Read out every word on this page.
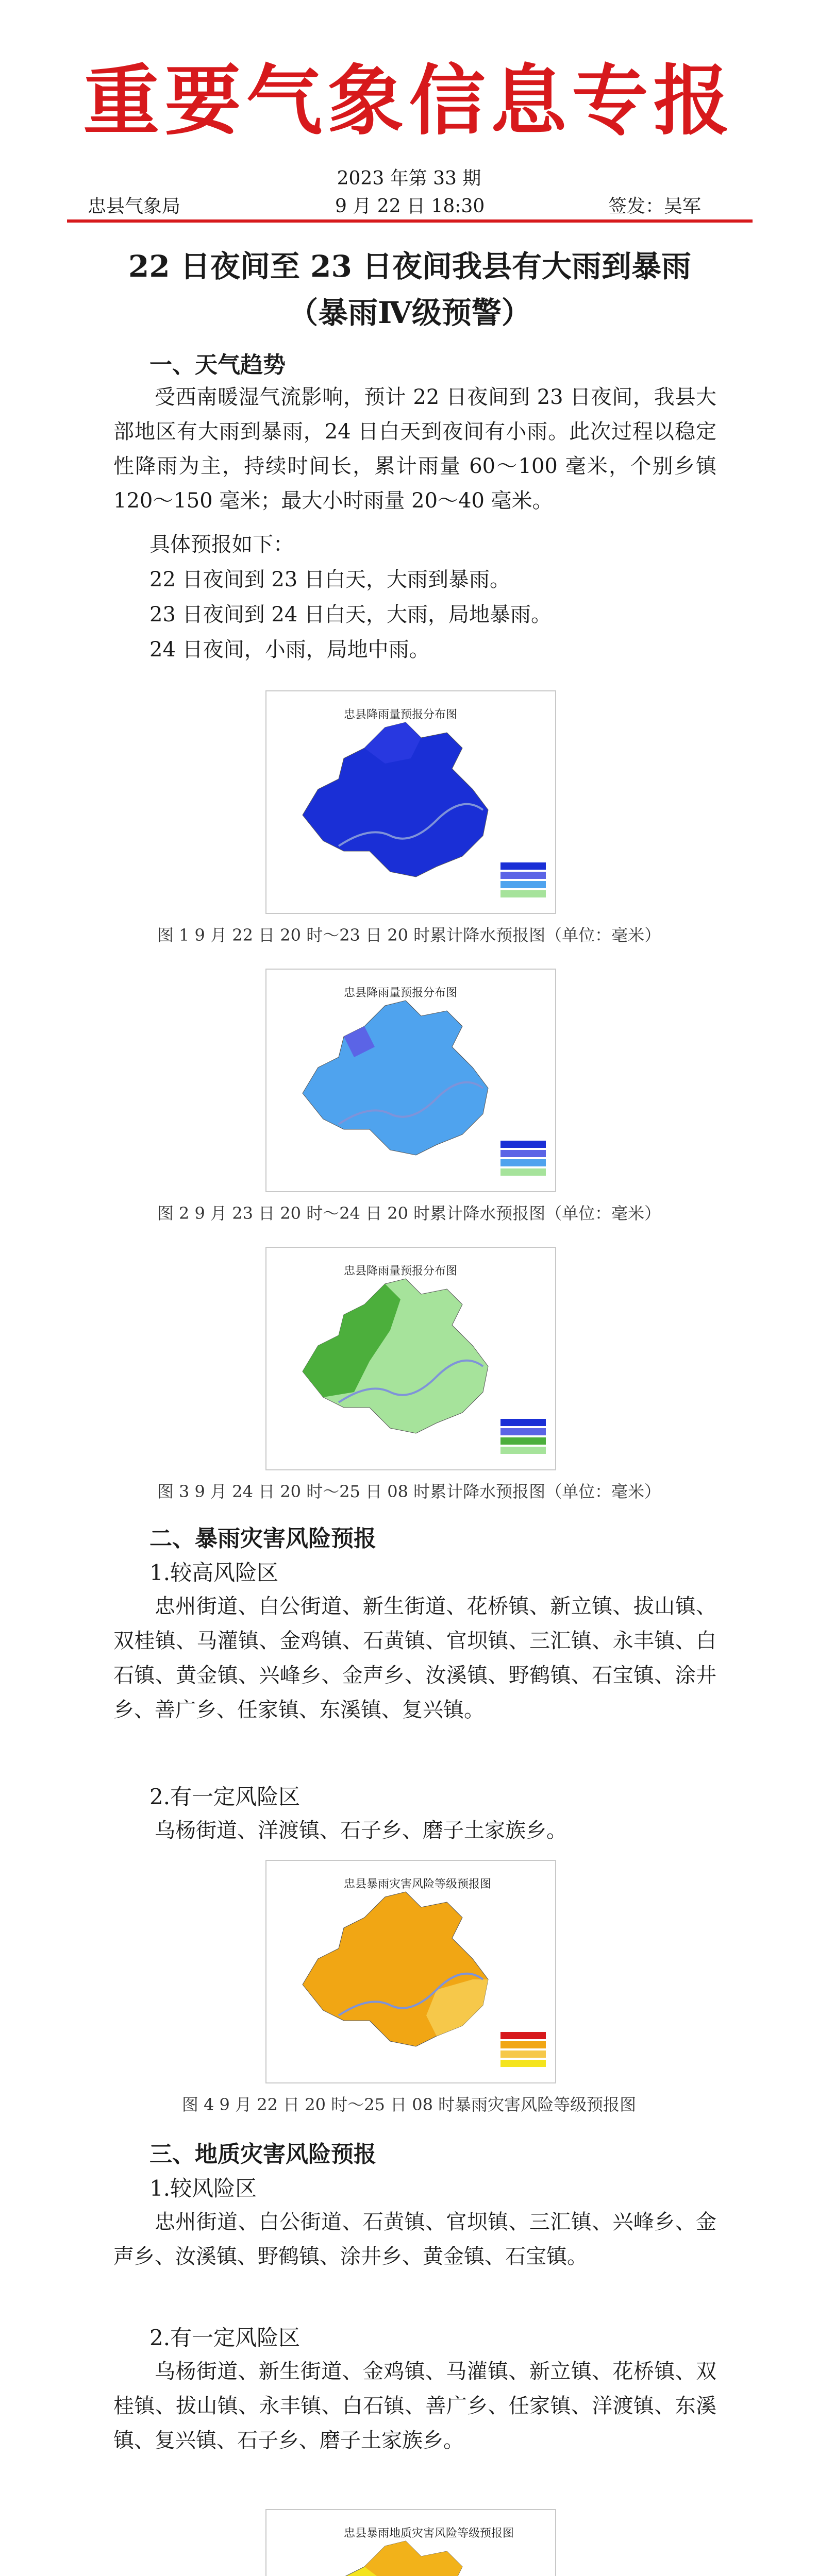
重要气象信息专报
2023 年第 33 期
忠县气象局	9 月 22 日 18:30	签发：吴军
22 日夜间至 23 日夜间我县有大雨到暴雨
（暴雨Ⅳ级预警）
一、天气趋势
受西南暖湿气流影响，预计 22 日夜间到 23 日夜间，我县大部地区有大雨到暴雨，24 日白天到夜间有小雨。此次过程以稳定性降雨为主，持续时间长，累计雨量 60～100 毫米，个别乡镇 120～150 毫米；最大小时雨量 20～40 毫米。
具体预报如下：
22 日夜间到 23 日白天，大雨到暴雨。
23 日夜间到 24 日白天，大雨，局地暴雨。
24 日夜间，小雨，局地中雨。
忠县降雨量预报分布图
图 1 9 月 22 日 20 时～23 日 20 时累计降水预报图（单位：毫米）
忠县降雨量预报分布图
图 2 9 月 23 日 20 时～24 日 20 时累计降水预报图（单位：毫米）
忠县降雨量预报分布图
图 3 9 月 24 日 20 时～25 日 08 时累计降水预报图（单位：毫米）
二、暴雨灾害风险预报
1.较高风险区
忠州街道、白公街道、新生街道、花桥镇、新立镇、拔山镇、双桂镇、马灌镇、金鸡镇、石黄镇、官坝镇、三汇镇、永丰镇、白石镇、黄金镇、兴峰乡、金声乡、汝溪镇、野鹤镇、石宝镇、涂井乡、善广乡、任家镇、东溪镇、复兴镇。
2.有一定风险区
乌杨街道、洋渡镇、石子乡、磨子土家族乡。
忠县暴雨灾害风险等级预报图
图 4 9 月 22 日 20 时～25 日 08 时暴雨灾害风险等级预报图
三、地质灾害风险预报
1.较风险区
忠州街道、白公街道、石黄镇、官坝镇、三汇镇、兴峰乡、金声乡、汝溪镇、野鹤镇、涂井乡、黄金镇、石宝镇。
2.有一定风险区
乌杨街道、新生街道、金鸡镇、马灌镇、新立镇、花桥镇、双桂镇、拔山镇、永丰镇、白石镇、善广乡、任家镇、洋渡镇、东溪镇、复兴镇、石子乡、磨子土家族乡。
忠县暴雨地质灾害风险等级预报图
